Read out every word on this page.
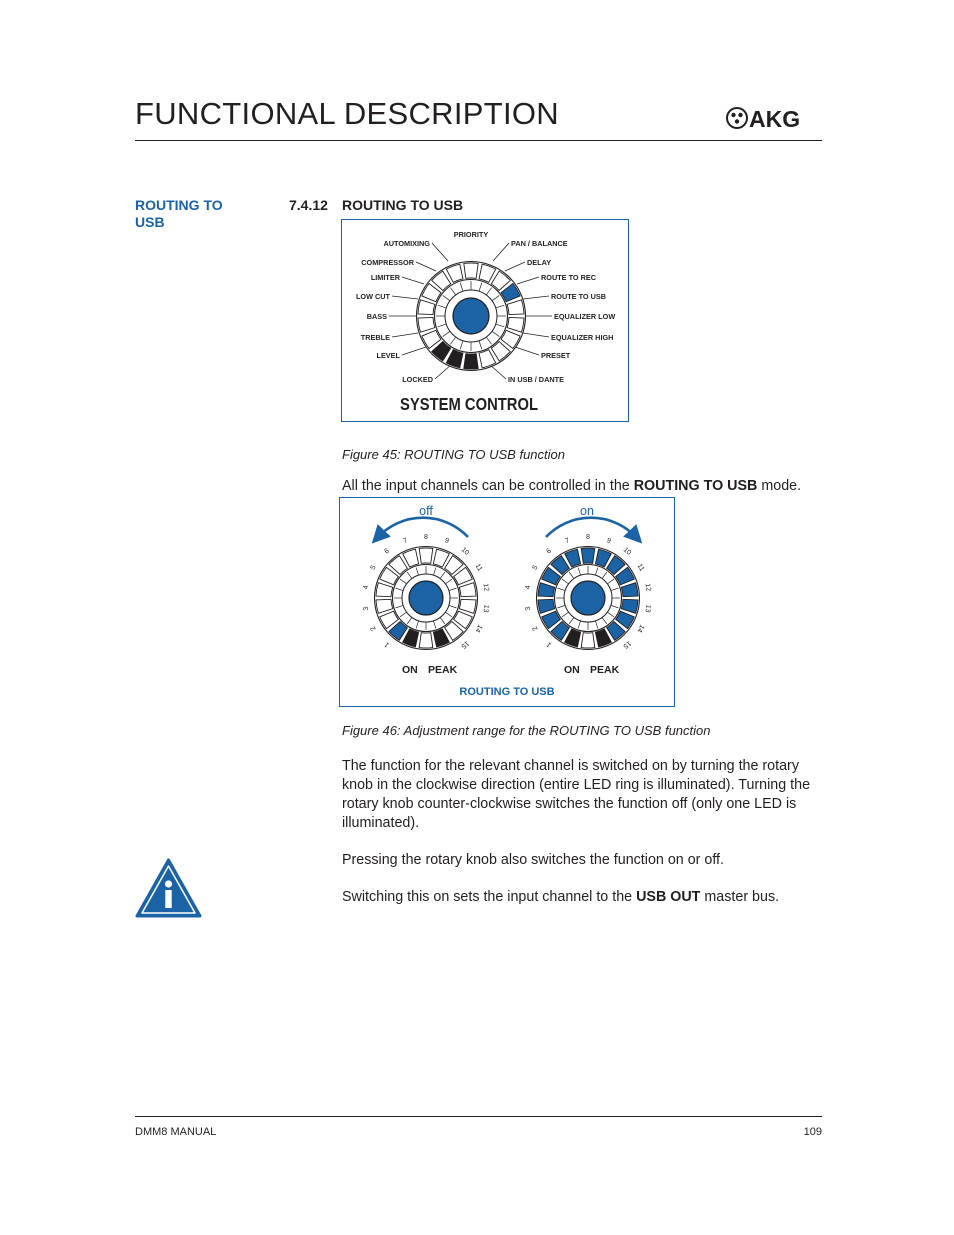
FUNCTIONAL DESCRIPTION	AKG
ROUTING TO USB
7.4.12 ROUTING TO USB
PRIORITY
AUTOMIXING	PAN / BALANCE
COMPRESSOR	DELAY
LIMITER	ROUTE TO REC
LOW CUT	ROUTE TO USB
BASS	EQUALIZER LOW
TREBLE	EQUALIZER HIGH
LEVEL	PRESET
LOCKED	IN USB / DANTE
SYSTEM CONTROL
Figure 45: ROUTING TO USB function
All the input channels can be controlled in the ROUTING TO USB mode.
off	on
1
2
3
4
5
6
7 8 9
10
11
12
13
14
15	1
2
3
4
5
6
7 8 9
10
11
12
13
14
15
ON PEAK	ON PEAK
ROUTING TO USB
Figure 46: Adjustment range for the ROUTING TO USB function
The function for the relevant channel is switched on by turning the rotary knob in the clockwise direction (entire LED ring is illuminated). Turning the rotary knob counter-clockwise switches the function off (only one LED is illuminated).
Pressing the rotary knob also switches the function on or off.
Switching this on sets the input channel to the USB OUT master bus.
DMM8 MANUAL	109
